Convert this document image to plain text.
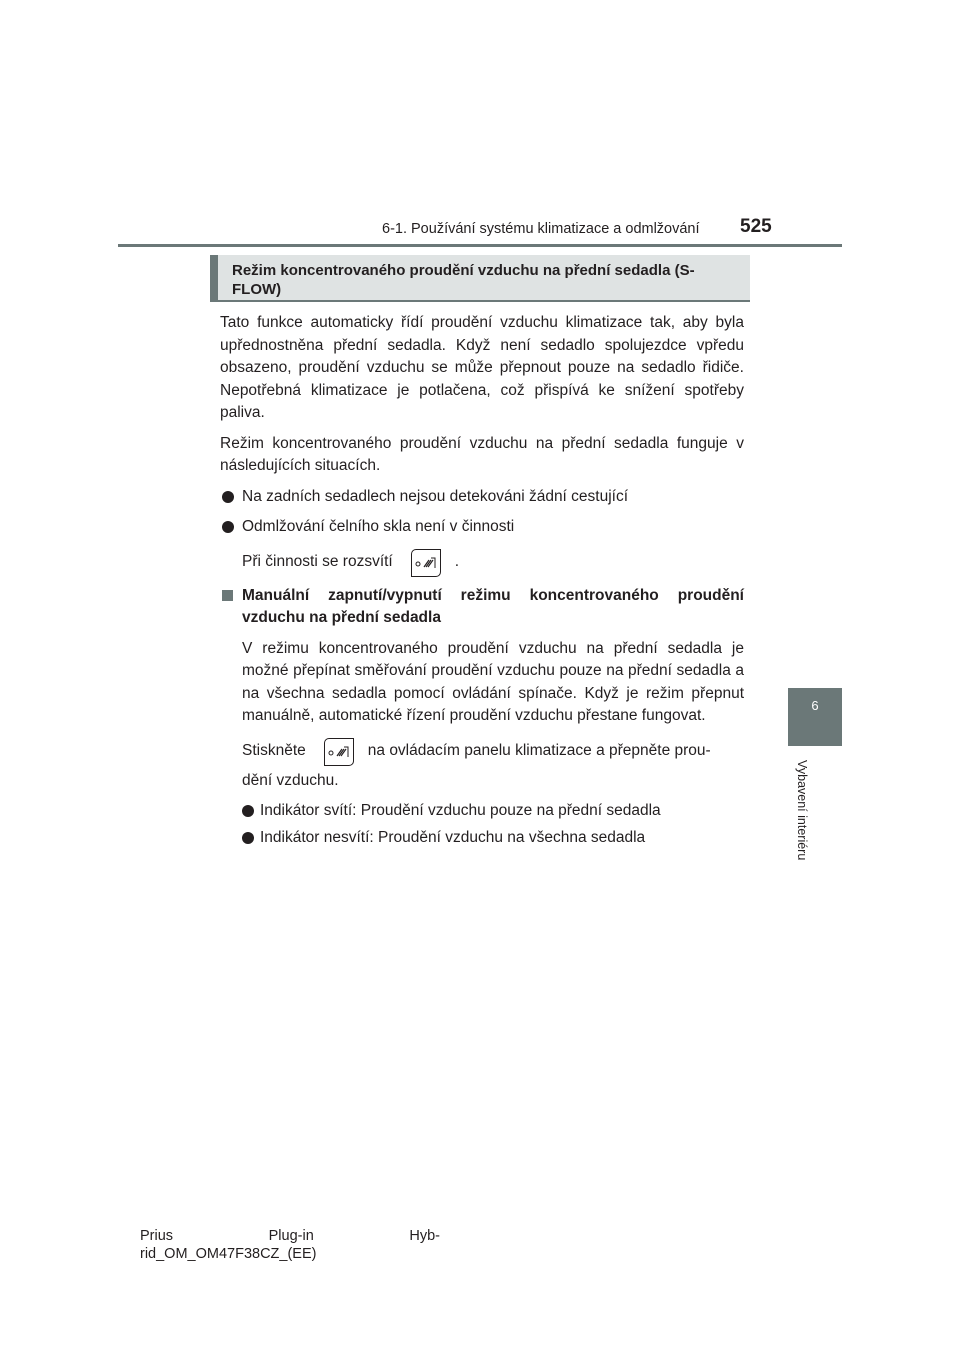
6-1. Používání systému klimatizace a odmlžování 525
6
Vybavení interiéru
Režim koncentrovaného proudění vzduchu na přední sedadla (S-FLOW)

Tato funkce automaticky řídí proudění vzduchu klimatizace tak, aby byla upřednostněna přední sedadla. Když není sedadlo spolujezdce vpředu obsazeno, proudění vzduchu se může přepnout pouze na sedadlo řidiče. Nepotřebná klimatizace je potlačena, což přispívá ke snížení spotřeby paliva.

Režim koncentrovaného proudění vzduchu na přední sedadla funguje v následujících situacích.

Na zadních sedadlech nejsou detekováni žádní cestující
Odmlžování čelního skla není v činnosti
Při činnosti se rozsvítí	.
Manuální zapnutí/vypnutí režimu koncentrovaného proudění vzduchu na přední sedadla

V režimu koncentrovaného proudění vzduchu na přední sedadla je možné přepínat směřování proudění vzduchu pouze na přední sedadla a na všechna sedadla pomocí ovládání spínače. Když je režim přepnut manuálně, automatické řízení proudění vzduchu přestane fungovat.

Stiskněte	na ovládacím panelu klimatizace a přepněte prou-

dění vzduchu.

Indikátor svítí: Proudění vzduchu pouze na přední sedadla
Indikátor nesvítí: Proudění vzduchu na všechna sedadla
Prius	Plug-in	Hyb-
rid_OM_OM47F38CZ_(EE)
